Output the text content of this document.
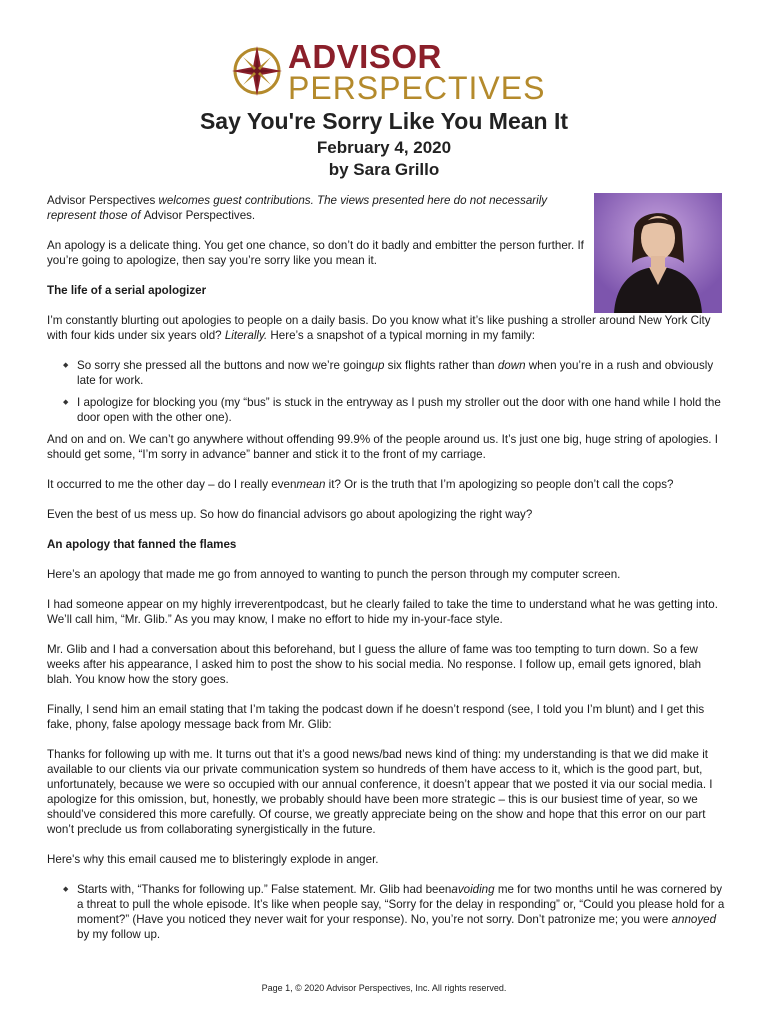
ADVISOR
PERSPECTIVES
Say You're Sorry Like You Mean It
February 4, 2020
by Sara Grillo

Advisor Perspectives welcomes guest contributions. The views presented here do not necessarily represent those of Advisor Perspectives.

An apology is a delicate thing. You get one chance, so don’t do it badly and embitter the person further. If you’re going to apologize, then say you’re sorry like you mean it.

The life of a serial apologizer

I’m constantly blurting out apologies to people on a daily basis. Do you know what it’s like pushing a stroller around New York City with four kids under six years old? Literally. Here’s a snapshot of a typical morning in my family:

◆ So sorry she pressed all the buttons and now we’re goingup six flights rather than down when you’re in a rush and obviously late for work.
◆ I apologize for blocking you (my “bus” is stuck in the entryway as I push my stroller out the door with one hand while I hold the door open with the other one).

And on and on. We can’t go anywhere without offending 99.9% of the people around us. It’s just one big, huge string of apologies. I should get some, “I’m sorry in advance” banner and stick it to the front of my carriage.

It occurred to me the other day – do I really evenmean it? Or is the truth that I’m apologizing so people don’t call the cops?

Even the best of us mess up. So how do financial advisors go about apologizing the right way?

An apology that fanned the flames

Here’s an apology that made me go from annoyed to wanting to punch the person through my computer screen.

I had someone appear on my highly irreverentpodcast, but he clearly failed to take the time to understand what he was getting into. We’ll call him, “Mr. Glib.” As you may know, I make no effort to hide my in-your-face style.

Mr. Glib and I had a conversation about this beforehand, but I guess the allure of fame was too tempting to turn down. So a few weeks after his appearance, I asked him to post the show to his social media. No response. I follow up, email gets ignored, blah blah. You know how the story goes.

Finally, I send him an email stating that I’m taking the podcast down if he doesn’t respond (see, I told you I’m blunt) and I get this fake, phony, false apology message back from Mr. Glib:

Thanks for following up with me. It turns out that it’s a good news/bad news kind of thing: my understanding is that we did make it available to our clients via our private communication system so hundreds of them have access to it, which is the good part, but, unfortunately, because we were so occupied with our annual conference, it doesn’t appear that we posted it via our social media. I apologize for this omission, but, honestly, we probably should have been more strategic – this is our busiest time of year, so we should’ve considered this more carefully. Of course, we greatly appreciate being on the show and hope that this error on our part won’t preclude us from collaborating synergistically in the future.

Here's why this email caused me to blisteringly explode in anger.

◆ Starts with, “Thanks for following up.” False statement. Mr. Glib had beenavoiding me for two months until he was cornered by a threat to pull the whole episode. It’s like when people say, “Sorry for the delay in responding” or, “Could you please hold for a moment?” (Have you noticed they never wait for your response). No, you’re not sorry. Don’t patronize me; you were annoyed by my follow up.
Page 1, © 2020 Advisor Perspectives, Inc. All rights reserved.
